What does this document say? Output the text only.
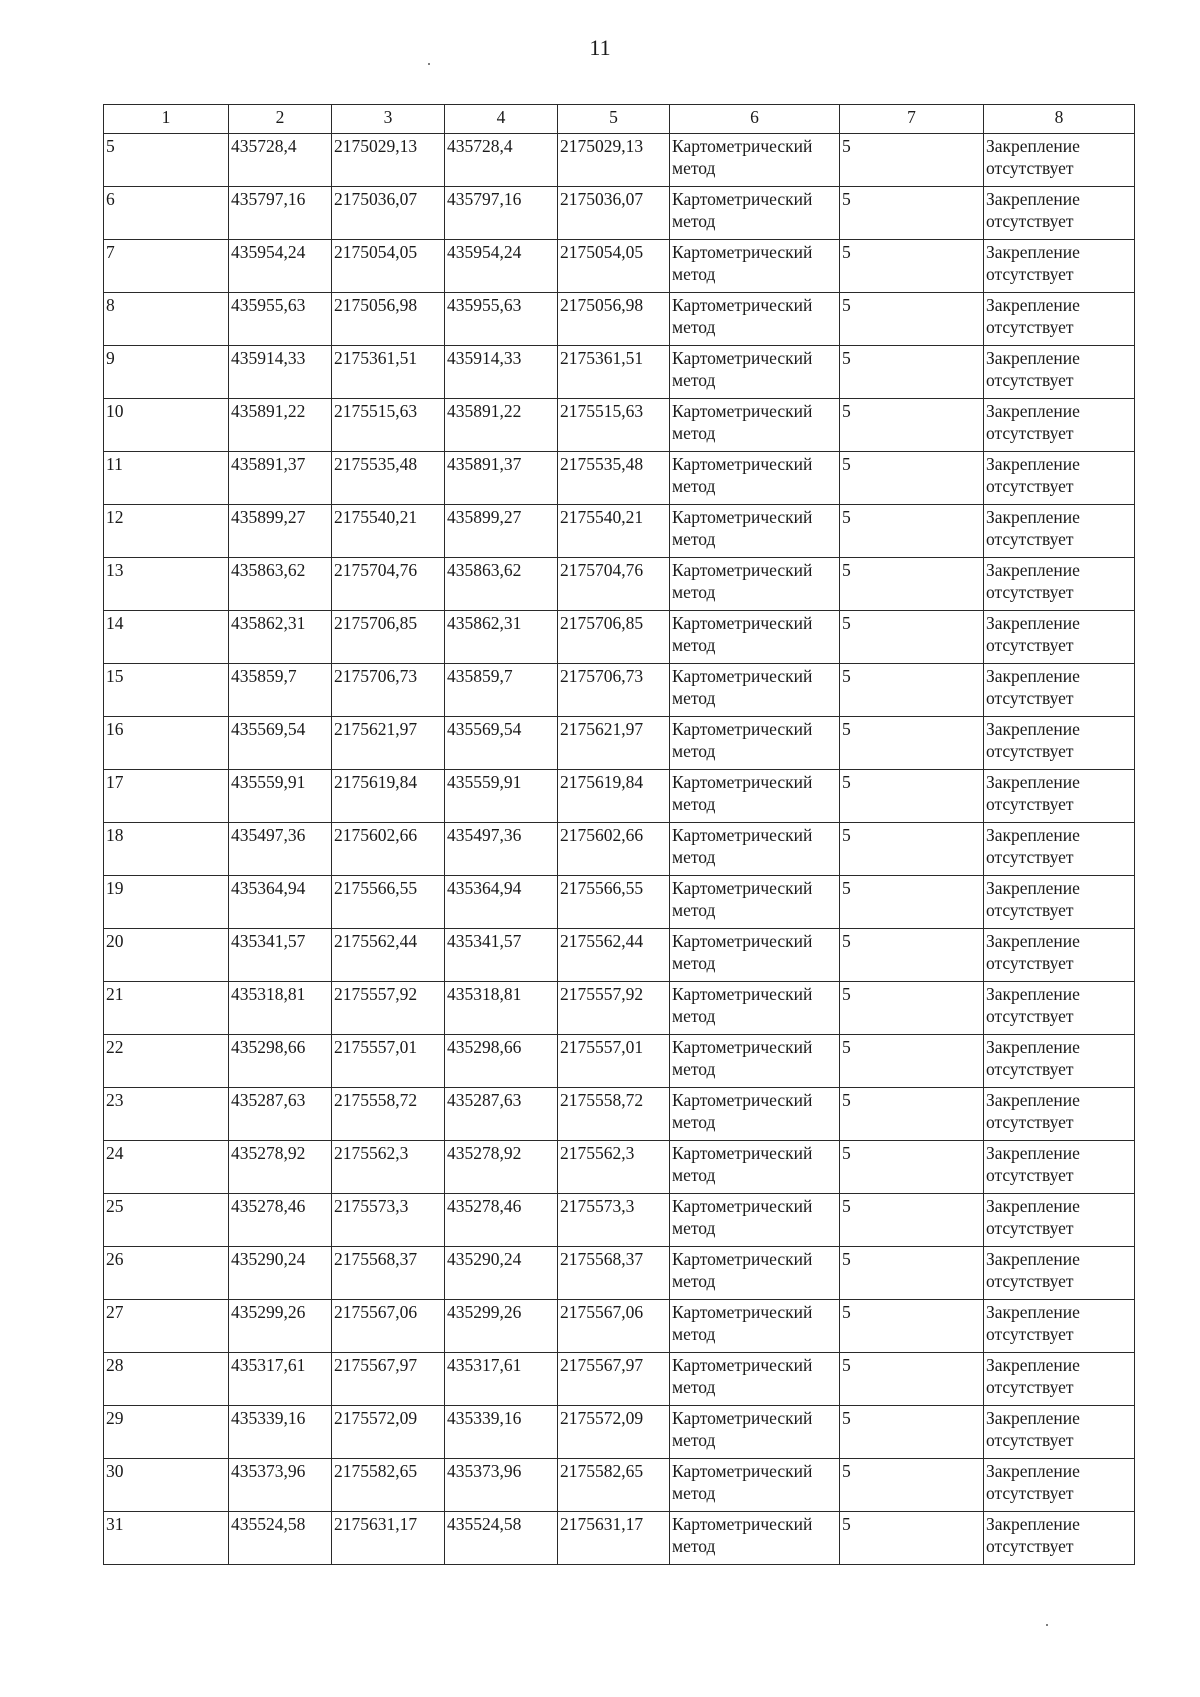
11
1	2	3	4	5	6	7	8
5	435728,4	2175029,13	435728,4	2175029,13	Картометрический
метод	5	Закрепление
отсутствует

6	435797,16	2175036,07	435797,16	2175036,07	Картометрический
метод	5	Закрепление
отсутствует

7	435954,24	2175054,05	435954,24	2175054,05	Картометрический
метод	5	Закрепление
отсутствует

8	435955,63	2175056,98	435955,63	2175056,98	Картометрический
метод	5	Закрепление
отсутствует

9	435914,33	2175361,51	435914,33	2175361,51	Картометрический
метод	5	Закрепление
отсутствует

10	435891,22	2175515,63	435891,22	2175515,63	Картометрический
метод	5	Закрепление
отсутствует

11	435891,37	2175535,48	435891,37	2175535,48	Картометрический
метод	5	Закрепление
отсутствует

12	435899,27	2175540,21	435899,27	2175540,21	Картометрический
метод	5	Закрепление
отсутствует

13	435863,62	2175704,76	435863,62	2175704,76	Картометрический
метод	5	Закрепление
отсутствует

14	435862,31	2175706,85	435862,31	2175706,85	Картометрический
метод	5	Закрепление
отсутствует

15	435859,7	2175706,73	435859,7	2175706,73	Картометрический
метод	5	Закрепление
отсутствует

16	435569,54	2175621,97	435569,54	2175621,97	Картометрический
метод	5	Закрепление
отсутствует

17	435559,91	2175619,84	435559,91	2175619,84	Картометрический
метод	5	Закрепление
отсутствует

18	435497,36	2175602,66	435497,36	2175602,66	Картометрический
метод	5	Закрепление
отсутствует

19	435364,94	2175566,55	435364,94	2175566,55	Картометрический
метод	5	Закрепление
отсутствует

20	435341,57	2175562,44	435341,57	2175562,44	Картометрический
метод	5	Закрепление
отсутствует

21	435318,81	2175557,92	435318,81	2175557,92	Картометрический
метод	5	Закрепление
отсутствует

22	435298,66	2175557,01	435298,66	2175557,01	Картометрический
метод	5	Закрепление
отсутствует

23	435287,63	2175558,72	435287,63	2175558,72	Картометрический
метод	5	Закрепление
отсутствует

24	435278,92	2175562,3	435278,92	2175562,3	Картометрический
метод	5	Закрепление
отсутствует

25	435278,46	2175573,3	435278,46	2175573,3	Картометрический
метод	5	Закрепление
отсутствует

26	435290,24	2175568,37	435290,24	2175568,37	Картометрический
метод	5	Закрепление
отсутствует

27	435299,26	2175567,06	435299,26	2175567,06	Картометрический
метод	5	Закрепление
отсутствует

28	435317,61	2175567,97	435317,61	2175567,97	Картометрический
метод	5	Закрепление
отсутствует

29	435339,16	2175572,09	435339,16	2175572,09	Картометрический
метод	5	Закрепление
отсутствует

30	435373,96	2175582,65	435373,96	2175582,65	Картометрический
метод	5	Закрепление
отсутствует

31	435524,58	2175631,17	435524,58	2175631,17	Картометрический
метод	5	Закрепление
отсутствует
